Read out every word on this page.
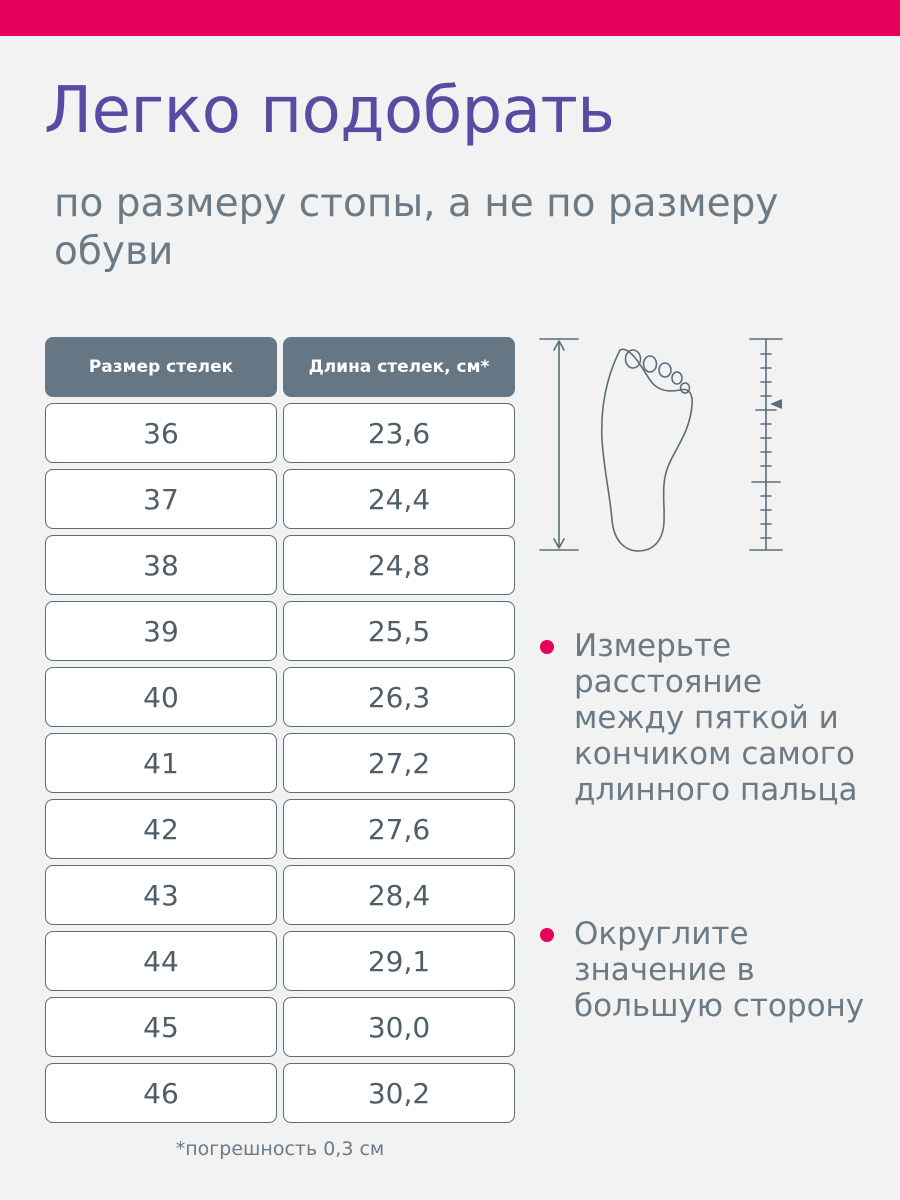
Легко подобрать

по размеру стопы, а не по размеру обуви

Размер стелек	Длина стелек, см*
36	23,6
37	24,4
38	24,8
39	25,5
40	26,3
41	27,2
42	27,6
43	28,4
44	29,1
45	30,0
46	30,2
*погрешность 0,3 см
Измерьте расстояние между пяткой и кончиком самого длинного пальца
Округлите значение в большую сторону
